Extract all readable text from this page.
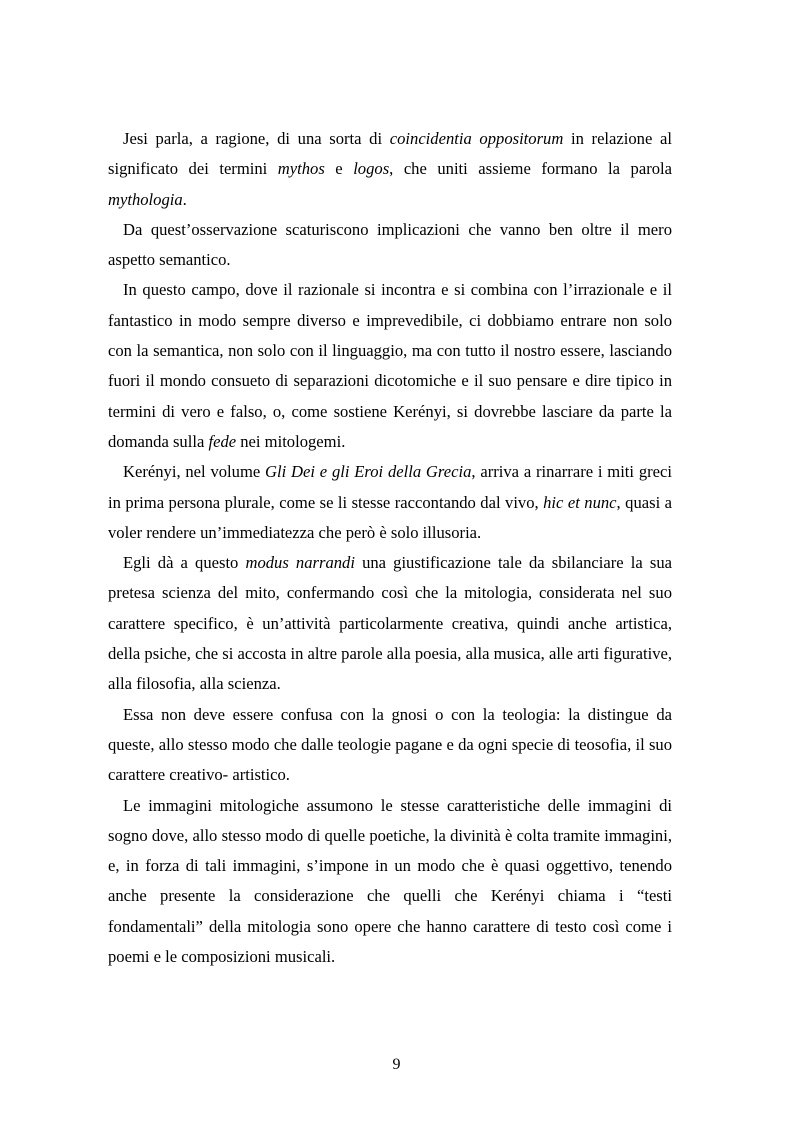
Jesi parla, a ragione, di una sorta di coincidentia oppositorum in relazione al significato dei termini mythos e logos, che uniti assieme formano la parola mythologia.

Da quest’osservazione scaturiscono implicazioni che vanno ben oltre il mero aspetto semantico.

In questo campo, dove il razionale si incontra e si combina con l’irrazionale e il fantastico in modo sempre diverso e imprevedibile, ci dobbiamo entrare non solo con la semantica, non solo con il linguaggio, ma con tutto il nostro essere, lasciando fuori il mondo consueto di separazioni dicotomiche e il suo pensare e dire tipico in termini di vero e falso, o, come sostiene Kerényi, si dovrebbe lasciare da parte la domanda sulla fede nei mitologemi.

Kerényi, nel volume Gli Dei e gli Eroi della Grecia, arriva a rinarrare i miti greci in prima persona plurale, come se li stesse raccontando dal vivo, hic et nunc, quasi a voler rendere un’immediatezza che però è solo illusoria.

Egli dà a questo modus narrandi una giustificazione tale da sbilanciare la sua pretesa scienza del mito, confermando così che la mitologia, considerata nel suo carattere specifico, è un’attività particolarmente creativa, quindi anche artistica, della psiche, che si accosta in altre parole alla poesia, alla musica, alle arti figurative, alla filosofia, alla scienza.

Essa non deve essere confusa con la gnosi o con la teologia: la distingue da queste, allo stesso modo che dalle teologie pagane e da ogni specie di teosofia, il suo carattere creativo- artistico.

Le immagini mitologiche assumono le stesse caratteristiche delle immagini di sogno dove, allo stesso modo di quelle poetiche, la divinità è colta tramite immagini, e, in forza di tali immagini, s’impone in un modo che è quasi oggettivo, tenendo anche presente la considerazione che quelli che Kerényi chiama i “testi fondamentali” della mitologia sono opere che hanno carattere di testo così come i poemi e le composizioni musicali.

9
